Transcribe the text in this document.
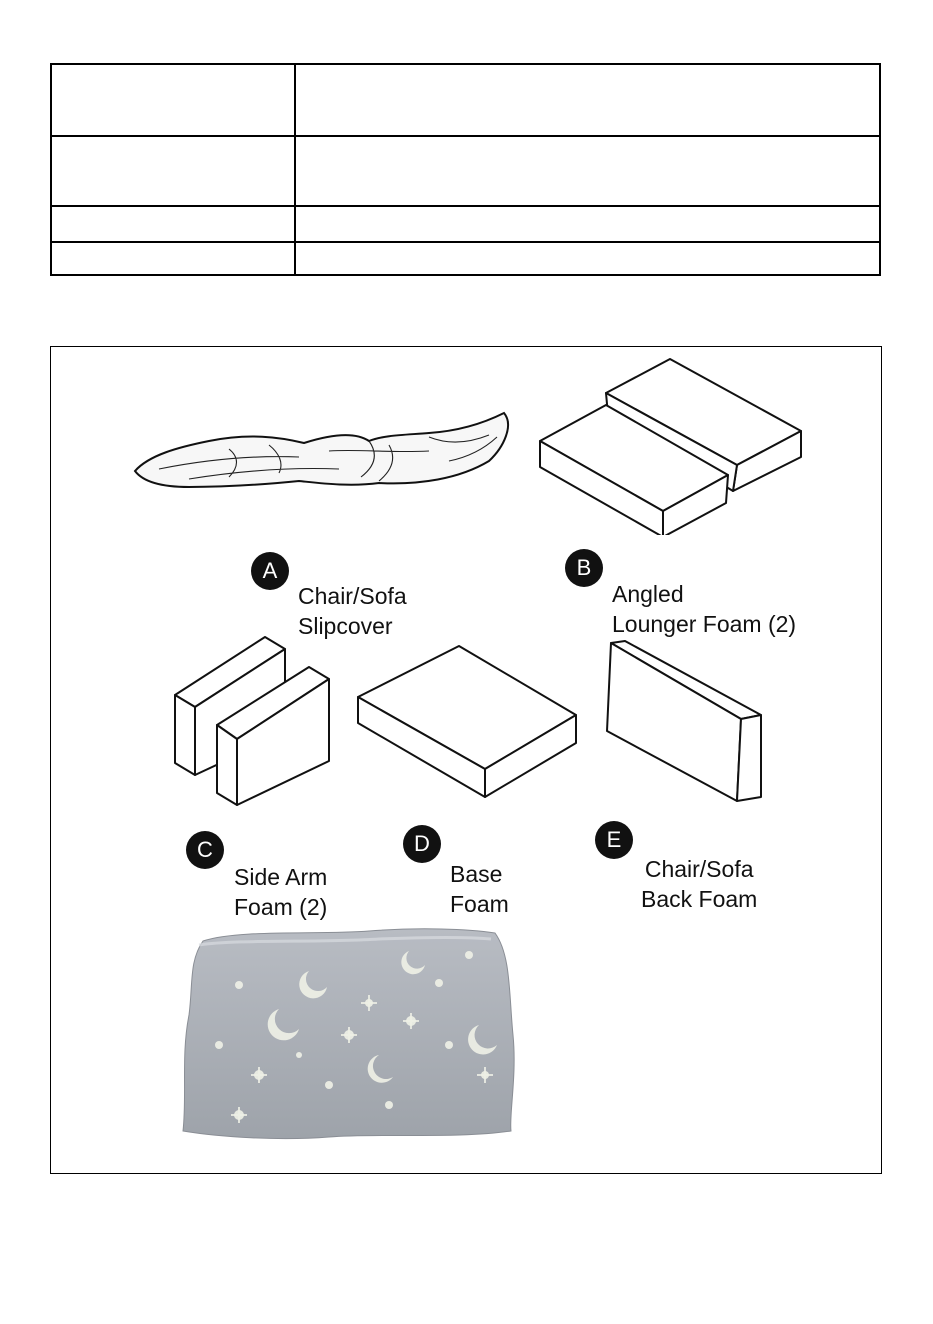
A

Chair/Sofa
Slipcover

B

Angled
Lounger Foam (2)

C

Side Arm
Foam (2)

D

Base
Foam

E

Chair/Sofa
Back Foam
